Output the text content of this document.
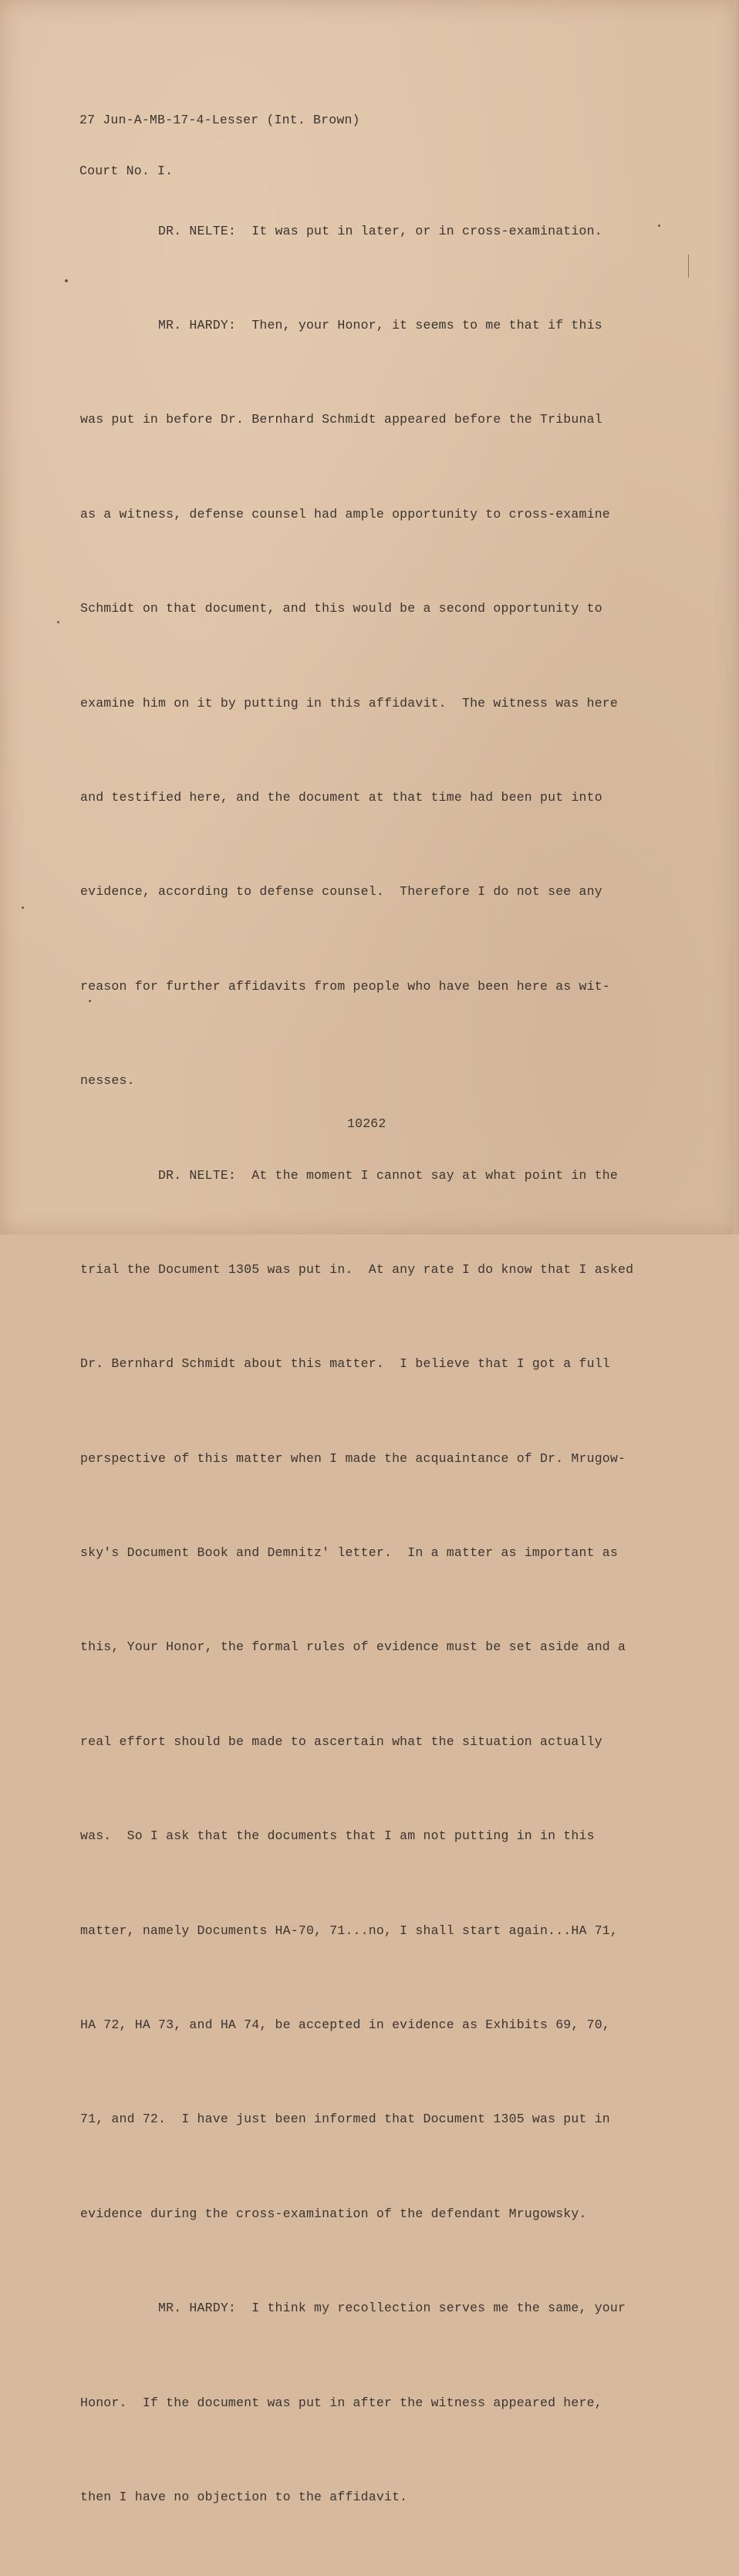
27 Jun-A-MB-17-4-Lesser (Int. Brown)

Court No. I.

DR. NELTE:  It was put in later, or in cross-examination.

MR. HARDY:  Then, your Honor, it seems to me that if this

was put in before Dr. Bernhard Schmidt appeared before the Tribunal

as a witness, defense counsel had ample opportunity to cross-examine

Schmidt on that document, and this would be a second opportunity to

examine him on it by putting in this affidavit.  The witness was here

and testified here, and the document at that time had been put into

evidence, according to defense counsel.  Therefore I do not see any

reason for further affidavits from people who have been here as wit-

nesses.

DR. NELTE:  At the moment I cannot say at what point in the

trial the Document 1305 was put in.  At any rate I do know that I asked

Dr. Bernhard Schmidt about this matter.  I believe that I got a full

perspective of this matter when I made the acquaintance of Dr. Mrugow-

sky's Document Book and Demnitz' letter.  In a matter as important as

this, Your Honor, the formal rules of evidence must be set aside and a

real effort should be made to ascertain what the situation actually

was.  So I ask that the documents that I am not putting in in this

matter, namely Documents HA-70, 71...no, I shall start again...HA 71,

HA 72, HA 73, and HA 74, be accepted in evidence as Exhibits 69, 70,

71, and 72.  I have just been informed that Document 1305 was put in

evidence during the cross-examination of the defendant Mrugowsky.

MR. HARDY:  I think my recollection serves me the same, your

Honor.  If the document was put in after the witness appeared here,

then I have no objection to the affidavit.

10262
